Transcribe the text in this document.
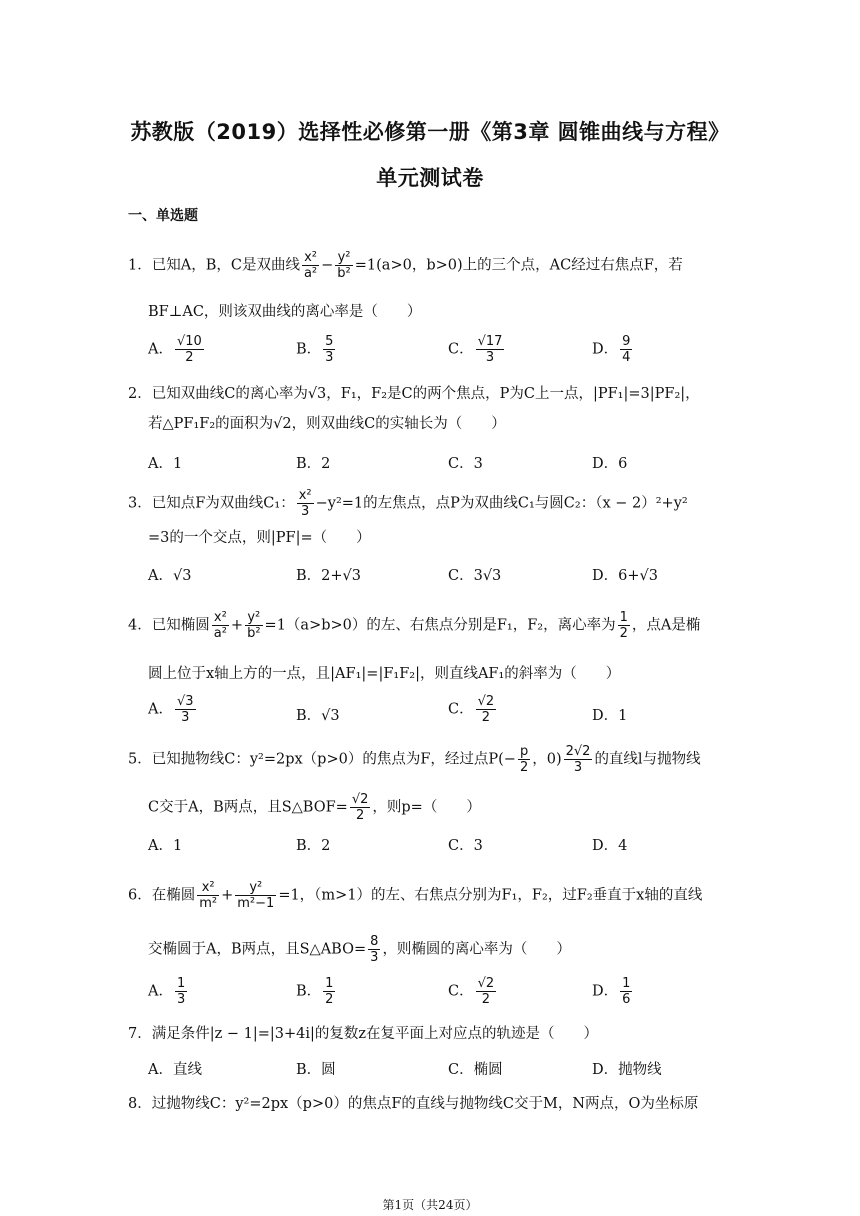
苏教版（2019）选择性必修第一册《第3章 圆锥曲线与方程》
单元测试卷
一、单选题
1．已知A，B，C是双曲线 $\frac{\text{x²}}{\text{a²}} - \frac{\text{y²}}{\text{b²}} =1(a>0$，b>0)上的三个点，AC经过右焦点F，若
BF⊥AC，则该双曲线的离心率是（　　）
A． $\frac{√10}{2}$	B． $\frac{5}{3}$	C． $\frac{√17}{3}$	D． $\frac{9}{4}$
2．已知双曲线C的离心率为√3，F₁，F₂是C的两个焦点，P为C上一点，|PF₁|=3|PF₂|，
若△PF₁F₂的面积为√2，则双曲线C的实轴长为（　　）
A．1	B．2	C．3	D．6
3．已知点F为双曲线C₁： $\frac{\text{x²}}{3} -y^2=1$的左焦点，点P为双曲线C₁与圆C₂：（x − 2）²+y²
=3的一个交点，则|PF|=（　　）
A．√3	B．2+√3	C．3√3	D．6+√3
4．已知椭圆 $\frac{\text{x²}}{\text{a²}} + \frac{\text{y²}}{\text{b²}} =1(a>b>0)$的左、右焦点分别是F₁，F₂，离心率为 $\frac{1}{2}$ ，点A是椭
圆上位于x轴上方的一点，且|AF₁|=|F₁F₂|，则直线AF₁的斜率为（　　）
A． $\frac{√3}{3}$	B．√3	C． $\frac{√2}{2}$	D．1
5．已知抛物线C：y²=2px（p>0）的焦点为F，经过点$P(- \frac{p}{2}$ ，$0) \frac{2√2}{3}$ 的直线l与抛物线
C交于A，B两点，且S△BOF= $\frac{√2}{2}$ ，则p=（　　）
A．1	B．2	C．3	D．4
6．在椭圆 $\frac{\text{x²}}{\text{m²}} + \frac{\text{y²}}{\text{m²−1}} =1$，（m>1）的左、右焦点分别为F₁，F₂，过F₂垂直于x轴的直线
交椭圆于A，B两点，且S△ABO= $\frac{8}{3}$ ，则椭圆的离心率为（　　）
A． $\frac{1}{3}$	B． $\frac{1}{2}$	C． $\frac{√2}{2}$	D． $\frac{1}{6}$
7．满足条件|z − 1|=|3+4i|的复数z在复平面上对应点的轨迹是（　　）
A．直线	B．圆	C．椭圆	D．抛物线
8．过抛物线C：y²=2px（p>0）的焦点F的直线与抛物线C交于M，N两点，O为坐标原
第1页（共24页）
